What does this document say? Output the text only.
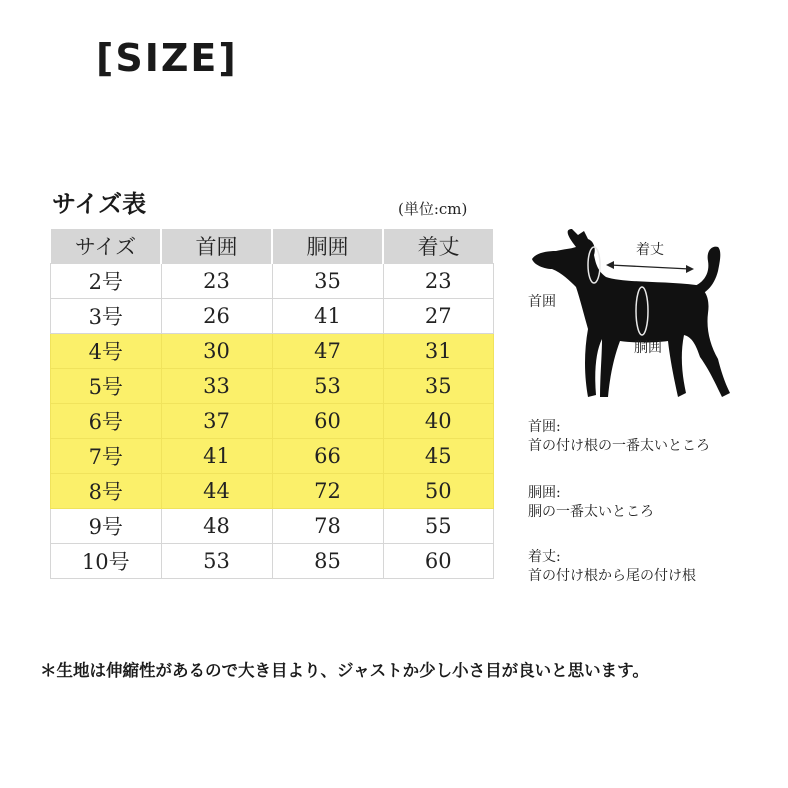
[SIZE]
サイズ表	(単位:cm)
サイズ	首囲	胴囲	着丈
2号	23	35	23
3号	26	41	27
4号	30	47	31
5号	33	53	35
6号	37	60	40
7号	41	66	45
8号	44	72	50
9号	48	78	55
10号	53	85	60
着丈
首囲
胴囲
首囲:
首の付け根の一番太いところ
胴囲:
胴の一番太いところ
着丈:
首の付け根から尾の付け根
＊生地は伸縮性があるので大き目より、ジャストか少し小さ目が良いと思います。
